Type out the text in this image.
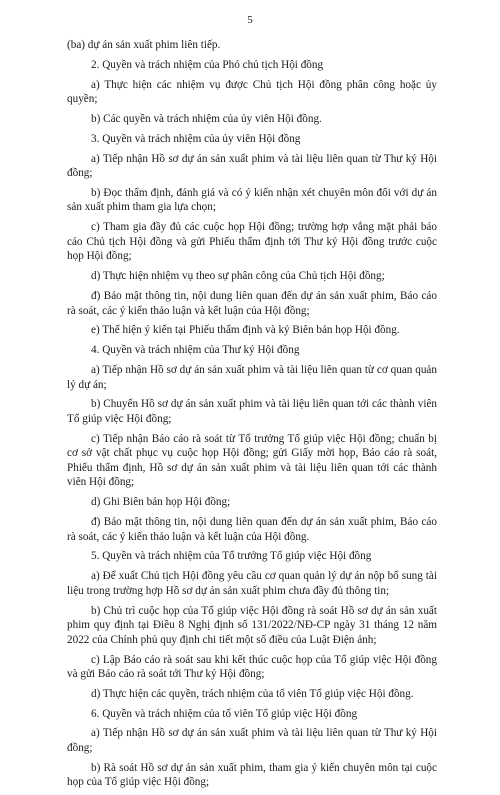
5

(ba) dự án sản xuất phim liên tiếp.

2. Quyền và trách nhiệm của Phó chủ tịch Hội đồng

a) Thực hiện các nhiệm vụ được Chủ tịch Hội đồng phân công hoặc ủy quyền;

b) Các quyền và trách nhiệm của ủy viên Hội đồng.

3. Quyền và trách nhiệm của ủy viên Hội đồng

a) Tiếp nhận Hồ sơ dự án sản xuất phim và tài liệu liên quan từ Thư ký Hội đồng;

b) Đọc thẩm định, đánh giá và có ý kiến nhận xét chuyên môn đối với dự án sản xuất phim tham gia lựa chọn;

c) Tham gia đầy đủ các cuộc họp Hội đồng; trường hợp vắng mặt phải báo cáo Chủ tịch Hội đồng và gửi Phiếu thẩm định tới Thư ký Hội đồng trước cuộc họp Hội đồng;

d) Thực hiện nhiệm vụ theo sự phân công của Chủ tịch Hội đồng;

đ) Bảo mật thông tin, nội dung liên quan đến dự án sản xuất phim, Báo cáo rà soát, các ý kiến thảo luận và kết luận của Hội đồng;

e) Thể hiện ý kiến tại Phiếu thẩm định và ký Biên bản họp Hội đồng.

4. Quyền và trách nhiệm của Thư ký Hội đồng

a) Tiếp nhận Hồ sơ dự án sản xuất phim và tài liệu liên quan từ cơ quan quản lý dự án;

b) Chuyển Hồ sơ dự án sản xuất phim và tài liệu liên quan tới các thành viên Tổ giúp việc Hội đồng;

c) Tiếp nhận Báo cáo rà soát từ Tổ trưởng Tổ giúp việc Hội đồng; chuẩn bị cơ sở vật chất phục vụ cuộc họp Hội đồng; gửi Giấy mời họp, Báo cáo rà soát, Phiếu thẩm định, Hồ sơ dự án sản xuất phim và tài liệu liên quan tới các thành viên Hội đồng;

d) Ghi Biên bản họp Hội đồng;

đ) Bảo mật thông tin, nội dung liên quan đến dự án sản xuất phim, Báo cáo rà soát, các ý kiến thảo luận và kết luận của Hội đồng.

5. Quyền và trách nhiệm của Tổ trưởng Tổ giúp việc Hội đồng

a) Để xuất Chủ tịch Hội đồng yêu cầu cơ quan quản lý dự án nộp bổ sung tài liệu trong trường hợp Hồ sơ dự án sản xuất phim chưa đầy đủ thông tin;

b) Chủ trì cuộc họp của Tổ giúp việc Hội đồng rà soát Hồ sơ dự án sản xuất phim quy định tại Điều 8 Nghị định số 131/2022/NĐ-CP ngày 31 tháng 12 năm 2022 của Chính phủ quy định chi tiết một số điều của Luật Điện ảnh;

c) Lập Báo cáo rà soát sau khi kết thúc cuộc họp của Tổ giúp việc Hội đồng và gửi Báo cáo rà soát tới Thư ký Hội đồng;

d) Thực hiện các quyền, trách nhiệm của tổ viên Tổ giúp việc Hội đồng.

6. Quyền và trách nhiệm của tổ viên Tổ giúp việc Hội đồng

a) Tiếp nhận Hồ sơ dự án sản xuất phim và tài liệu liên quan từ Thư ký Hội đồng;

b) Rà soát Hồ sơ dự án sản xuất phim, tham gia ý kiến chuyên môn tại cuộc họp của Tổ giúp việc Hội đồng;
